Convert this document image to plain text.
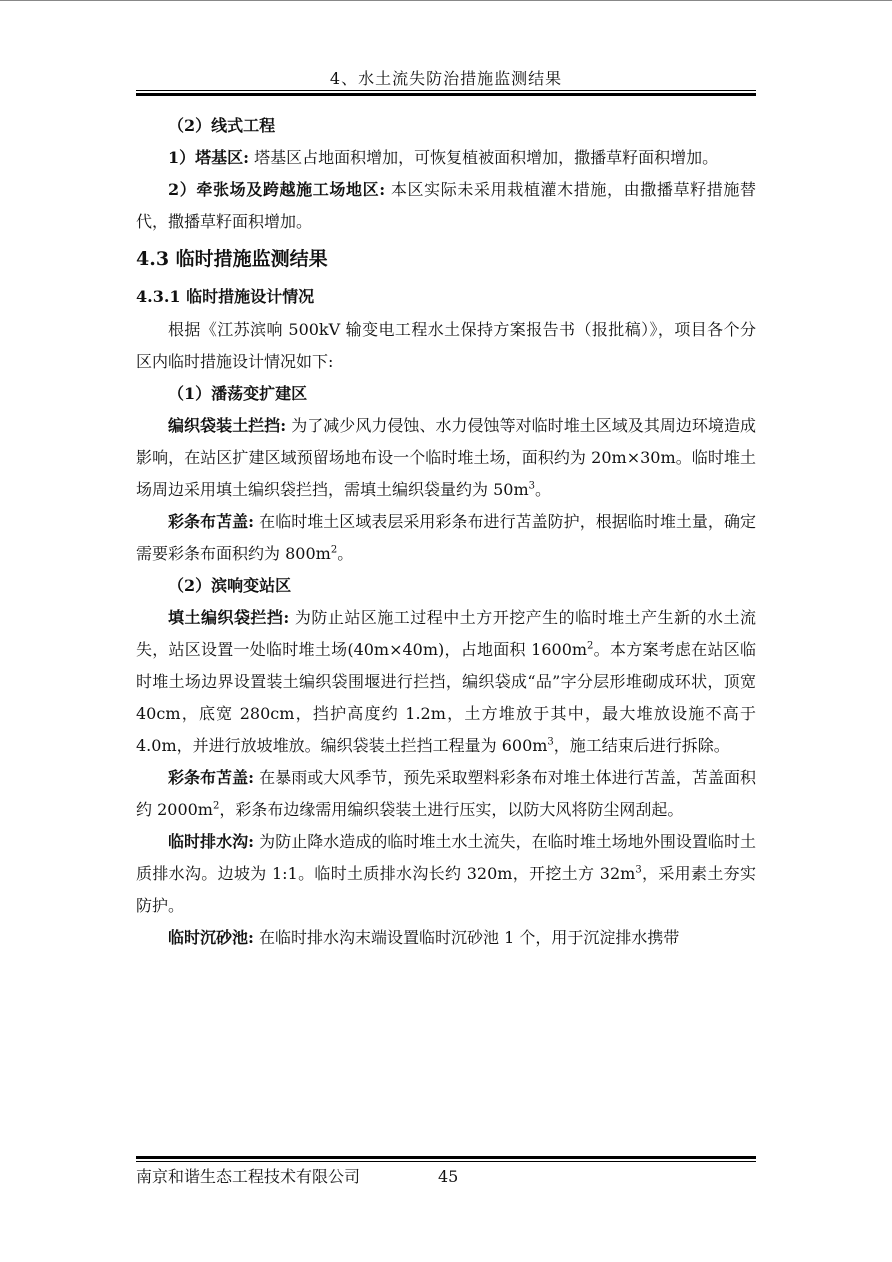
4、水土流失防治措施监测结果

（2）线式工程

1）塔基区: 塔基区占地面积增加，可恢复植被面积增加，撒播草籽面积增加。

2）牵张场及跨越施工场地区: 本区实际未采用栽植灌木措施，由撒播草籽措施替代，撒播草籽面积增加。

4.3 临时措施监测结果
4.3.1 临时措施设计情况

根据《江苏滨响 500kV 输变电工程水土保持方案报告书（报批稿）》，项目各个分区内临时措施设计情况如下:

（1）潘荡变扩建区

编织袋装土拦挡: 为了减少风力侵蚀、水力侵蚀等对临时堆土区域及其周边环境造成影响，在站区扩建区域预留场地布设一个临时堆土场，面积约为 20m×30m。临时堆土场周边采用填土编织袋拦挡，需填土编织袋量约为 $50m^3$。

彩条布苫盖: 在临时堆土区域表层采用彩条布进行苫盖防护，根据临时堆土量，确定需要彩条布面积约为 $800m^2$。

（2）滨响变站区

填土编织袋拦挡: 为防止站区施工过程中土方开挖产生的临时堆土产生新的水土流失，站区设置一处临时堆土场(40m×40m)，占地面积 $1600m^2$。本方案考虑在站区临时堆土场边界设置装土编织袋围堰进行拦挡，编织袋成“品”字分层形堆砌成环状，顶宽 40cm，底宽 280cm，挡护高度约 1.2m，土方堆放于其中，最大堆放设施不高于 4.0m，并进行放坡堆放。编织袋装土拦挡工程量为 $600m^3$，施工结束后进行拆除。

彩条布苫盖: 在暴雨或大风季节，预先采取塑料彩条布对堆土体进行苫盖，苫盖面积约 $2000m^2$，彩条布边缘需用编织袋装土进行压实，以防大风将防尘网刮起。

临时排水沟: 为防止降水造成的临时堆土水土流失，在临时堆土场地外围设置临时土质排水沟。边坡为 1:1。临时土质排水沟长约 320m，开挖土方 $32m^3$，采用素土夯实防护。

临时沉砂池: 在临时排水沟末端设置临时沉砂池 1 个，用于沉淀排水携带

南京和谐生态工程技术有限公司	45
